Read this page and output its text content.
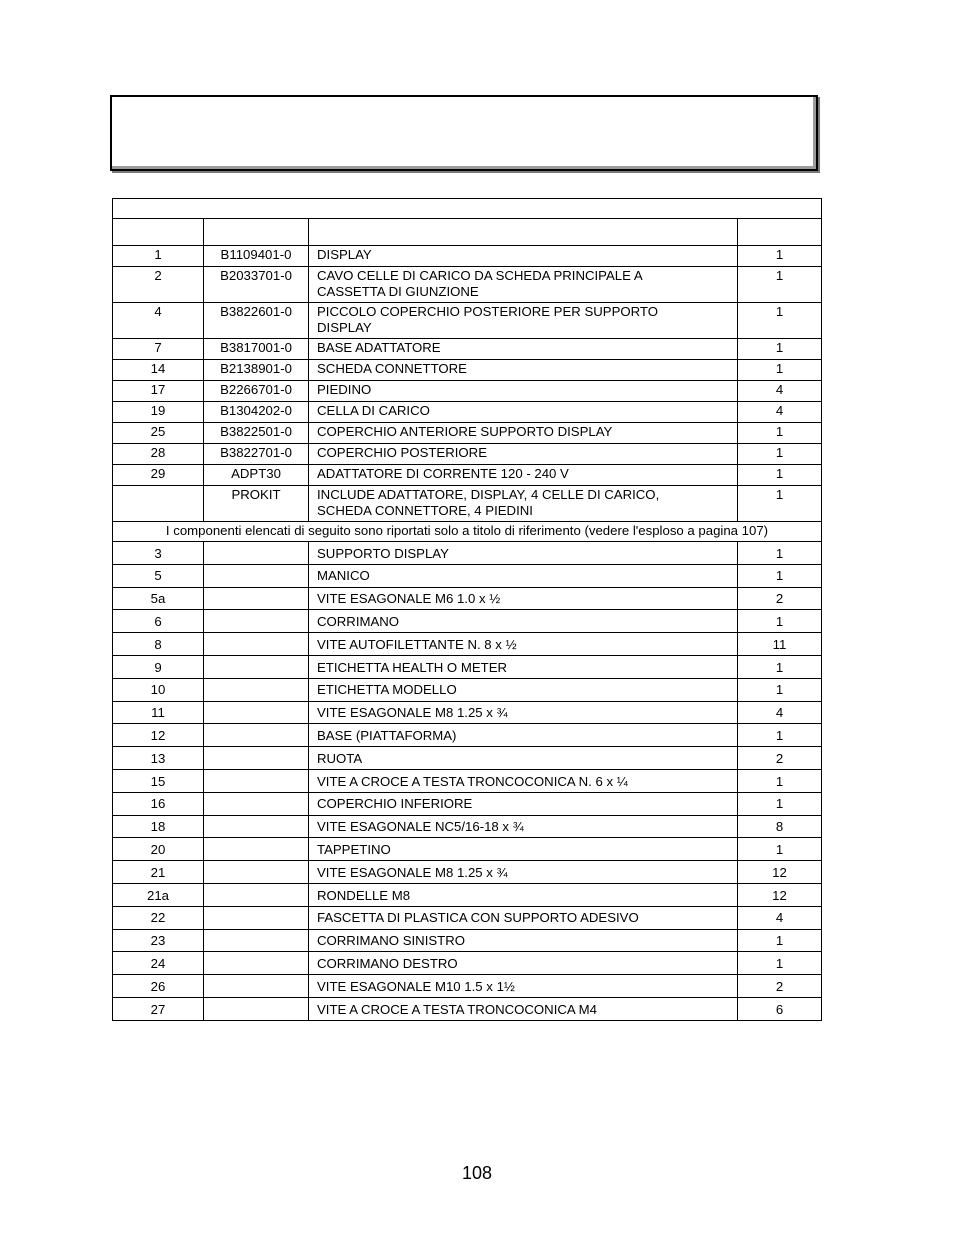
1	B1109401-0	DISPLAY	1
2	B2033701-0	CAVO CELLE DI CARICO DA SCHEDA PRINCIPALE A
CASSETTA DI GIUNZIONE	1
4	B3822601-0	PICCOLO COPERCHIO POSTERIORE PER SUPPORTO
DISPLAY	1
7	B3817001-0	BASE ADATTATORE	1
14	B2138901-0	SCHEDA CONNETTORE	1
17	B2266701-0	PIEDINO	4
19	B1304202-0	CELLA DI CARICO	4
25	B3822501-0	COPERCHIO ANTERIORE SUPPORTO DISPLAY	1
28	B3822701-0	COPERCHIO POSTERIORE	1
29	ADPT30	ADATTATORE DI CORRENTE 120 - 240 V	1
	PROKIT	INCLUDE ADATTATORE, DISPLAY, 4 CELLE DI CARICO,
SCHEDA CONNETTORE, 4 PIEDINI	1
I componenti elencati di seguito sono riportati solo a titolo di riferimento (vedere l'esploso a pagina 107)			
3		SUPPORTO DISPLAY	1
5		MANICO	1
5a		VITE ESAGONALE M6 1.0 x ½	2
6		CORRIMANO	1
8		VITE AUTOFILETTANTE N. 8 x ½	11
9		ETICHETTA HEALTH O METER	1
10		ETICHETTA MODELLO	1
11		VITE ESAGONALE M8 1.25 x ¾	4
12		BASE (PIATTAFORMA)	1
13		RUOTA	2
15		VITE A CROCE A TESTA TRONCOCONICA N. 6 x ¼	1
16		COPERCHIO INFERIORE	1
18		VITE ESAGONALE NC5/16-18 x ¾	8
20		TAPPETINO	1
21		VITE ESAGONALE M8 1.25 x ¾	12
21a		RONDELLE M8	12
22		FASCETTA DI PLASTICA CON SUPPORTO ADESIVO	4
23		CORRIMANO SINISTRO	1
24		CORRIMANO DESTRO	1
26		VITE ESAGONALE M10 1.5 x 1½	2
27		VITE A CROCE A TESTA TRONCOCONICA M4	6
108
